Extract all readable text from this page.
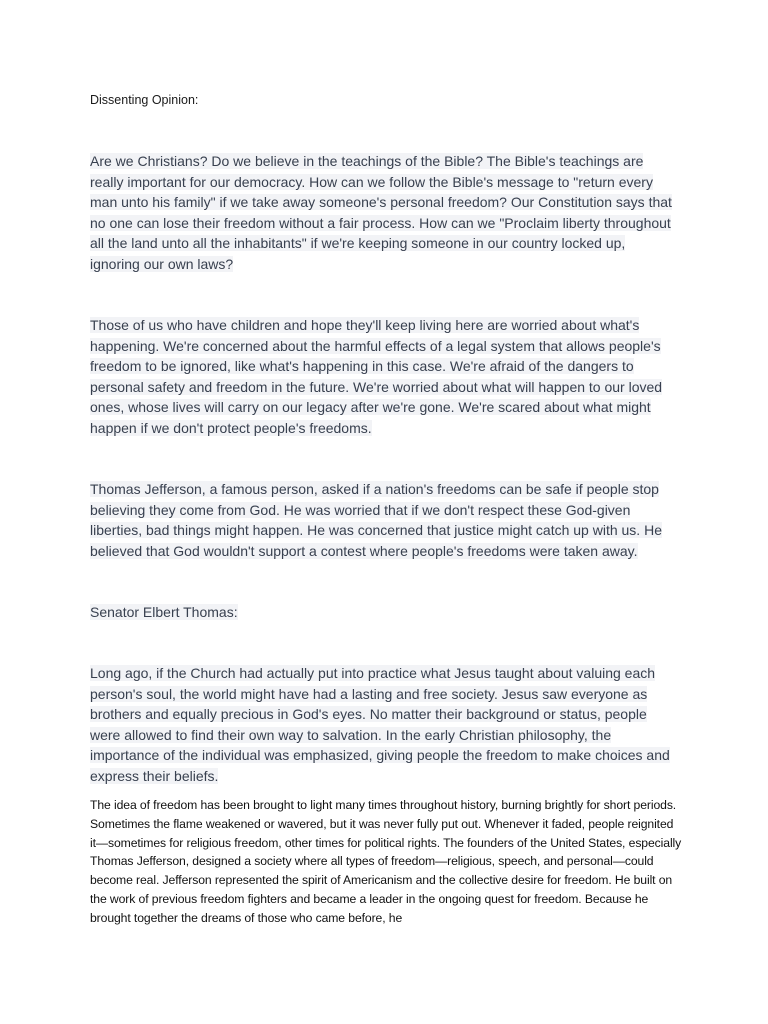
Dissenting Opinion:

Are we Christians? Do we believe in the teachings of the Bible? The Bible's teachings are really important for our democracy. How can we follow the Bible's message to "return every man unto his family" if we take away someone's personal freedom? Our Constitution says that no one can lose their freedom without a fair process. How can we "Proclaim liberty throughout all the land unto all the inhabitants" if we're keeping someone in our country locked up, ignoring our own laws?

Those of us who have children and hope they'll keep living here are worried about what's happening. We're concerned about the harmful effects of a legal system that allows people's freedom to be ignored, like what's happening in this case. We're afraid of the dangers to personal safety and freedom in the future. We're worried about what will happen to our loved ones, whose lives will carry on our legacy after we're gone. We're scared about what might happen if we don't protect people's freedoms.

Thomas Jefferson, a famous person, asked if a nation's freedoms can be safe if people stop believing they come from God. He was worried that if we don't respect these God-given liberties, bad things might happen. He was concerned that justice might catch up with us. He believed that God wouldn't support a contest where people's freedoms were taken away.

Senator Elbert Thomas:

Long ago, if the Church had actually put into practice what Jesus taught about valuing each person's soul, the world might have had a lasting and free society. Jesus saw everyone as brothers and equally precious in God's eyes. No matter their background or status, people were allowed to find their own way to salvation. In the early Christian philosophy, the importance of the individual was emphasized, giving people the freedom to make choices and express their beliefs.

The idea of freedom has been brought to light many times throughout history, burning brightly for short periods. Sometimes the flame weakened or wavered, but it was never fully put out. Whenever it faded, people reignited it—sometimes for religious freedom, other times for political rights. The founders of the United States, especially Thomas Jefferson, designed a society where all types of freedom—religious, speech, and personal—could become real. Jefferson represented the spirit of Americanism and the collective desire for freedom. He built on the work of previous freedom fighters and became a leader in the ongoing quest for freedom. Because he brought together the dreams of those who came before, he
